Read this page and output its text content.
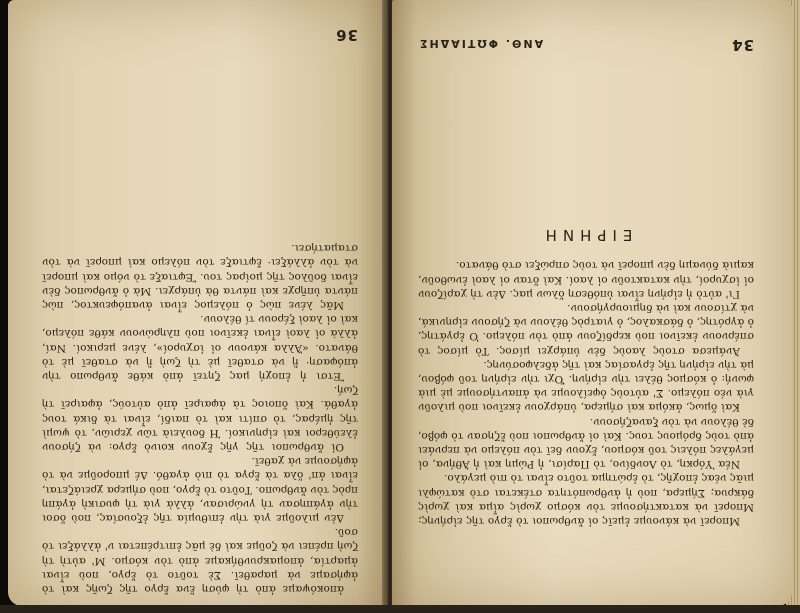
ἀποκόψαμε ἀπὸ τὴ φύση ἕνα ἔργο τῆς ζωῆς καὶ τὸ ἀφήσαμε νὰ μαραθεῖ. Σὲ τοῦτο τὸ ἔργο, ποὺ εἶναι ἁμαρτία, ἀπομακρυνθήκαμε ἀπὸ τὸν κόσμο. Μ' αὐτὴ τὴ ζωὴ πρέπει νὰ ζοῦμε καὶ δὲ μᾶς ἐπιτρέπεται ν' ἀλλάξει τὸ σοῦ.

Δὲν μιλοῦμε γιὰ τὴν ἐπιθυμία τῆς ἐξουσίας, ποὺ ὅσοι τὴν ἀγάπησαν τὴ γνώρισαν, ἀλλὰ γιὰ τὴ φυσικὴ ἀγάπη πρὸς τὸν ἄνθρωπο. Τοῦτο τὸ ἔργο, ποὺ σήμερα χρειάζεται, εἶναι ἀπ' ὅλα τὰ ἔργα τὸ πιὸ ἀγαθό. Δέ μποροῦμε νὰ τὸ ἀφήσουμε νὰ χαθεῖ.

Οἱ ἄνθρωποι τῆς γῆς ἔχουν κοινὸ ἔργο: νὰ ζήσουν ἐλεύθεροι καὶ εἰρηνικοί. Ἡ δουλειὰ τῶν χεριῶν, τὸ ψωμὶ τῆς ἡμέρας, τὸ σπίτι καὶ τὸ παιδί, εἶναι τὰ δικά τους ἀγαθά. Καὶ ὅποιος τὰ ἀφαιρεῖ ἀπὸ αὐτούς, ἀφαιρεῖ τὴ ζωή.

Ἔτσι ἡ ἐποχή μας ζητεῖ ἀπὸ κάθε ἄνθρωπο τὴν ἀπόφαση· ἢ νὰ σταθεῖ μὲ τὴ ζωὴ ἢ νὰ σταθεῖ μὲ τὸ θάνατο. «Ἄλλα κάνουν οἱ ἰσχυροί», λένε μερικοί. Ναί, ἀλλὰ οἱ λαοὶ εἶναι ἐκεῖνοι ποὺ πληρώνουν κάθε πόλεμο, καὶ οἱ λαοὶ ξέρουν τί θέλουν.

Μᾶς λένε πὼς ὁ πόλεμος εἶναι ἀναπόφευκτος, πὼς πάντα ὑπῆρχε καὶ πάντα θὰ ὑπάρχει. Μὰ ὁ ἄνθρωπος δὲν εἶναι δοῦλος τῆς μοίρας του. Ἔφτιαξε τὸ νόμο καὶ μπορεῖ νὰ τὸν ἀλλάξει· ἔφτιαξε τὸν πόλεμο καὶ μπορεῖ νὰ τὸν σταματήσει.

36
34
ΑΝΘ. ΦΩΤΙΑΔΗΣ

Μπορεῖ νὰ κάνουμε ἐμεῖς οἱ ἄνθρωποι τὸ ἔργο τῆς εἰρήνης; Μπορεῖ νὰ κατακτήσουμε τὸν κόσμο χωρὶς αἷμα καὶ χωρὶς δάκρυα; Σήμερα, ποὺ ἡ ἀνθρωπότητα στέκεται στὸ κατώφλι μιᾶς νέας ἐποχῆς, τὸ ἐρώτημα τοῦτο εἶναι τὸ πιὸ μεγάλο.

Νέα Ὑόρκη, τὸ Λονδίνο, τὸ Παρίσι, ἡ Ρώμη καὶ ἡ Ἀθήνα, οἱ μεγάλες πόλεις τοῦ κόσμου, ἔχουν δεῖ τὸν πόλεμο νὰ περνάει ἀπὸ τοὺς δρόμους τους. Καὶ οἱ ἄνθρωποι ποὺ ἔζησαν τὸ φόβο, δὲ θέλουν νὰ τὸν ξαναζήσουν.

Καὶ ὅμως, ἀκόμα καὶ σήμερα, ὑπάρχουν ἐκεῖνοι ποὺ μιλοῦν γιὰ νέο πόλεμο. Σ' αὐτοὺς ὀφείλουμε νὰ ἀπαντήσουμε μὲ μιὰ φωνή: ὁ κόσμος θέλει τὴν εἰρήνη. Ὄχι τὴν εἰρήνη τοῦ φόβου, μὰ τὴν εἰρήνη τῆς ἐργασίας καὶ τῆς ἀδελφοσύνης.

Ἀνάμεσα στοὺς λαοὺς δὲν ὑπάρχει μίσος. Τὸ μίσος τὸ σπέρνουν ἐκεῖνοι ποὺ κερδίζουν ἀπὸ τὸν πόλεμο. Ὁ ἐργάτης, ὁ ἀγρότης, ὁ δάσκαλος, ὁ γιατρὸς θέλουν νὰ ζήσουν εἰρηνικά, νὰ χτίσουν καὶ νὰ δημιουργήσουν.

Γι' αὐτὸ ἡ εἰρήνη εἶναι ὑπόθεση ὅλων μας. Δὲν τὴ χαρίζουν οἱ ἰσχυροί, τὴν κατακτοῦν οἱ λαοί. Καὶ ὅταν οἱ λαοὶ ἑνωθοῦν, καμιὰ δύναμη δὲν μπορεῖ νὰ τοὺς σπρώξει στὸ θάνατο.

ΕΙΡΗΝΗ
